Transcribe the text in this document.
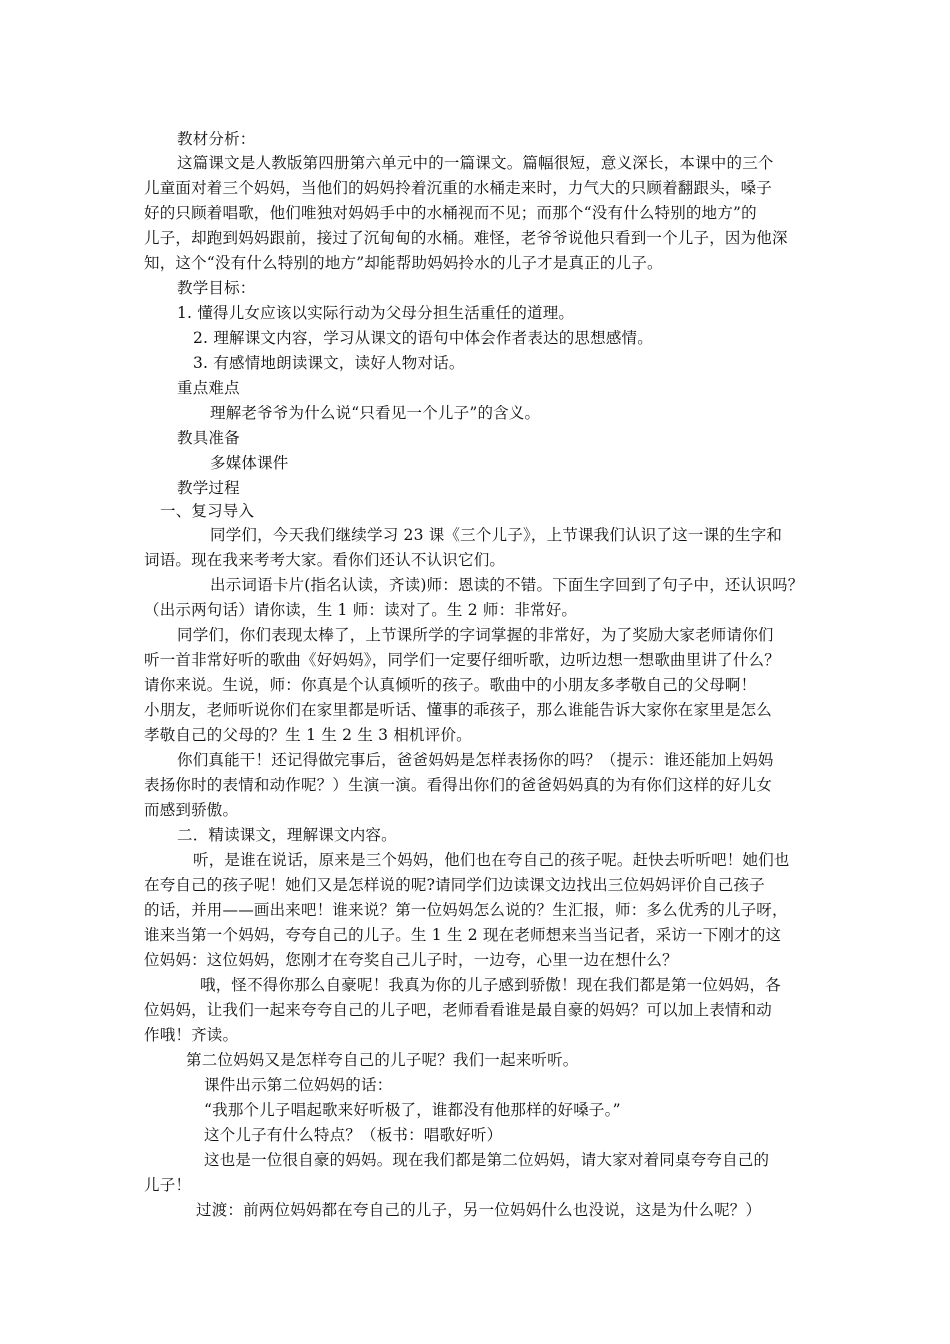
教材分析：
这篇课文是人教版第四册第六单元中的一篇课文。篇幅很短，意义深长，本课中的三个
儿童面对着三个妈妈，当他们的妈妈拎着沉重的水桶走来时，力气大的只顾着翻跟头，嗓子
好的只顾着唱歌，他们唯独对妈妈手中的水桶视而不见；而那个“没有什么特别的地方”的
儿子，却跑到妈妈跟前，接过了沉甸甸的水桶。难怪，老爷爷说他只看到一个儿子，因为他深
知，这个“没有什么特别的地方”却能帮助妈妈拎水的儿子才是真正的儿子。
教学目标：
1. 懂得儿女应该以实际行动为父母分担生活重任的道理。
2. 理解课文内容，学习从课文的语句中体会作者表达的思想感情。
3. 有感情地朗读课文，读好人物对话。
重点难点
理解老爷爷为什么说“只看见一个儿子”的含义。
教具准备
多媒体课件
教学过程
一、复习导入
同学们，今天我们继续学习 23 课《三个儿子》，上节课我们认识了这一课的生字和
词语。现在我来考考大家。看你们还认不认识它们。
出示词语卡片(指名认读，齐读)师：恩读的不错。下面生字回到了句子中，还认识吗？
（出示两句话）请你读，生 1 师：读对了。生 2 师：非常好。
同学们，你们表现太棒了，上节课所学的字词掌握的非常好，为了奖励大家老师请你们
听一首非常好听的歌曲《好妈妈》，同学们一定要仔细听歌，边听边想一想歌曲里讲了什么？
请你来说。生说，师：你真是个认真倾听的孩子。歌曲中的小朋友多孝敬自己的父母啊！
小朋友，老师听说你们在家里都是听话、懂事的乖孩子，那么谁能告诉大家你在家里是怎么
孝敬自己的父母的？生 1 生 2 生 3 相机评价。
你们真能干！还记得做完事后，爸爸妈妈是怎样表扬你的吗？（提示：谁还能加上妈妈
表扬你时的表情和动作呢？）生演一演。看得出你们的爸爸妈妈真的为有你们这样的好儿女
而感到骄傲。
二．精读课文，理解课文内容。
听，是谁在说话，原来是三个妈妈，他们也在夸自己的孩子呢。赶快去听听吧！她们也
在夸自己的孩子呢！她们又是怎样说的呢?请同学们边读课文边找出三位妈妈评价自己孩子
的话，并用——画出来吧！谁来说？第一位妈妈怎么说的？生汇报，师：多么优秀的儿子呀，
谁来当第一个妈妈，夸夸自己的儿子。生 1 生 2 现在老师想来当当记者，采访一下刚才的这
位妈妈：这位妈妈，您刚才在夸奖自己儿子时，一边夸，心里一边在想什么？
哦，怪不得你那么自豪呢！我真为你的儿子感到骄傲！现在我们都是第一位妈妈，各
位妈妈，让我们一起来夸夸自己的儿子吧，老师看看谁是最自豪的妈妈？可以加上表情和动
作哦！齐读。
第二位妈妈又是怎样夸自己的儿子呢？我们一起来听听。
课件出示第二位妈妈的话：
“我那个儿子唱起歌来好听极了，谁都没有他那样的好嗓子。”
这个儿子有什么特点？（板书：唱歌好听）
这也是一位很自豪的妈妈。现在我们都是第二位妈妈，请大家对着同桌夸夸自己的
儿子！
过渡：前两位妈妈都在夸自己的儿子，另一位妈妈什么也没说，这是为什么呢？）
